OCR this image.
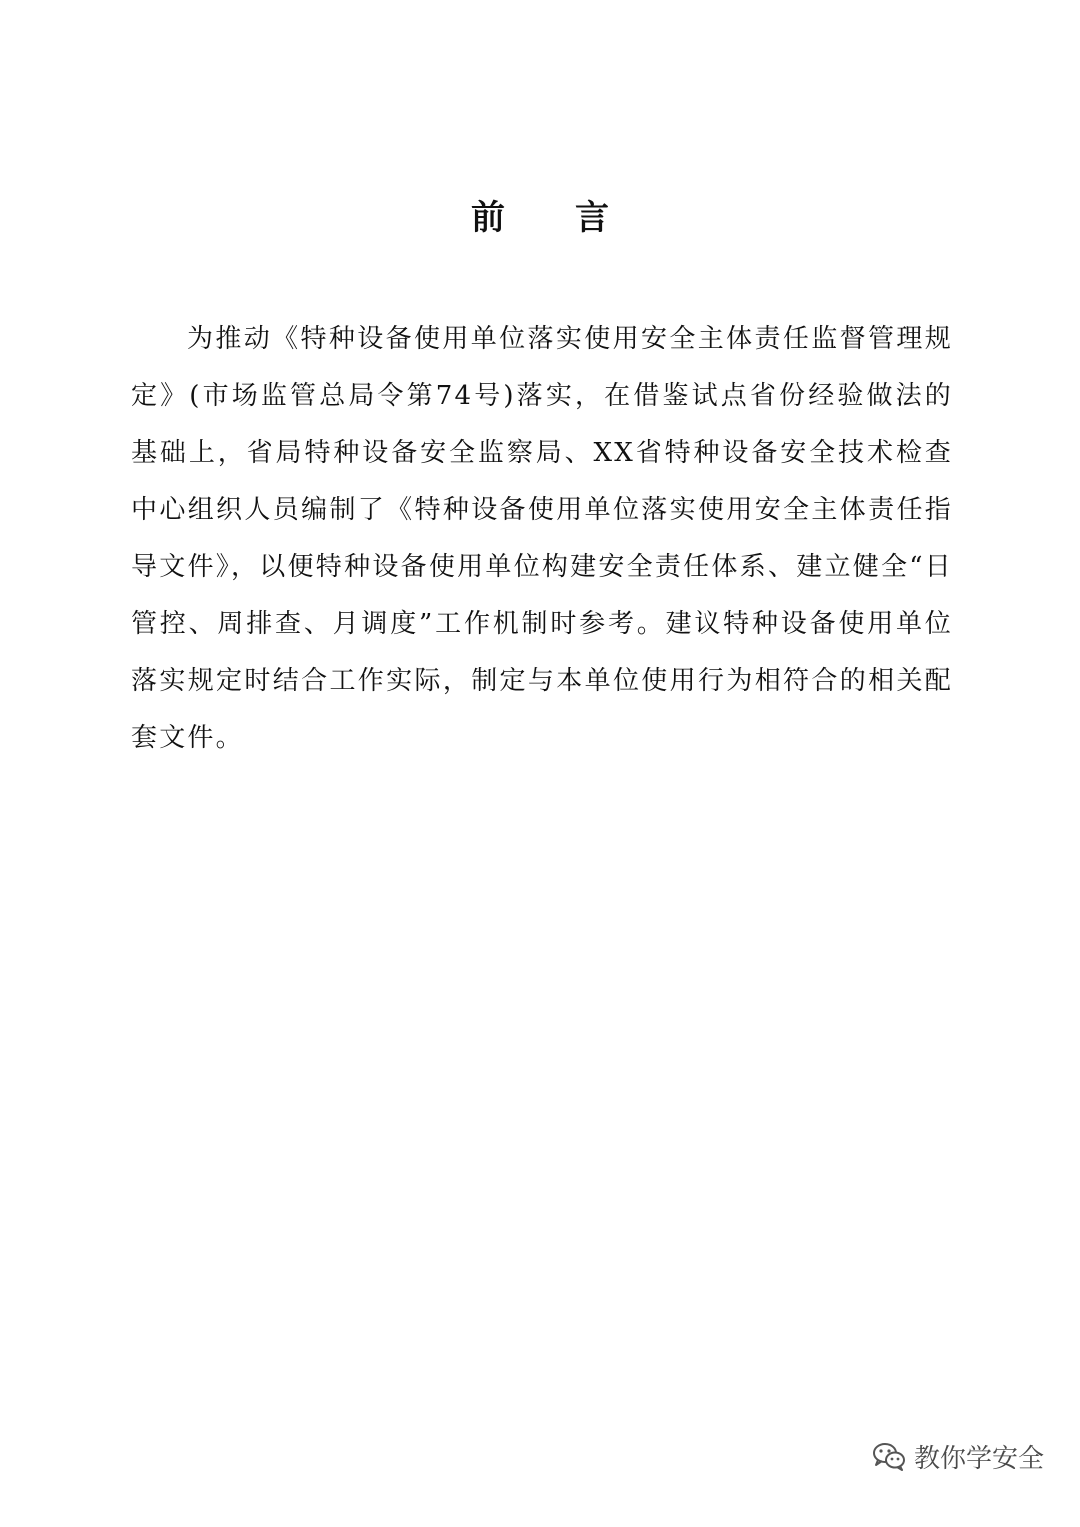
前言

为推动《特种设备使用单位落实使用安全主体责任监督管理规定》(市场监管总局令第74号)落实，在借鉴试点省份经验做法的基础上，省局特种设备安全监察局、XX省特种设备安全技术检查中心组织人员编制了《特种设备使用单位落实使用安全主体责任指导文件》，以便特种设备使用单位构建安全责任体系、建立健全“日管控、周排查、月调度”工作机制时参考。建议特种设备使用单位落实规定时结合工作实际，制定与本单位使用行为相符合的相关配套文件。

教你学安全
